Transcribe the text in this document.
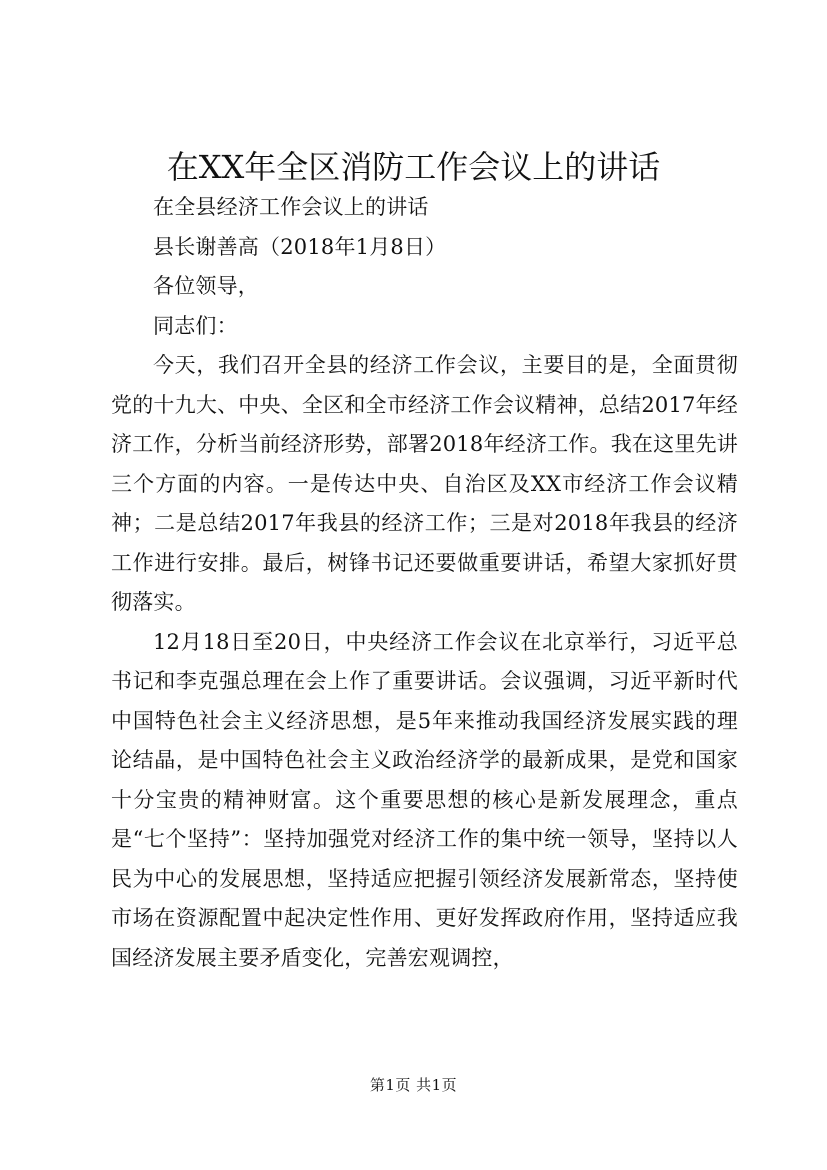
在XX年全区消防工作会议上的讲话

在全县经济工作会议上的讲话

县长谢善高（2018年1月8日）

各位领导，

同志们：

今天，我们召开全县的经济工作会议，主要目的是，全面贯彻党的十九大、中央、全区和全市经济工作会议精神，总结2017年经济工作，分析当前经济形势，部署2018年经济工作。我在这里先讲三个方面的内容。一是传达中央、自治区及XX市经济工作会议精神；二是总结2017年我县的经济工作；三是对2018年我县的经济工作进行安排。最后，树锋书记还要做重要讲话，希望大家抓好贯彻落实。

12月18日至20日，中央经济工作会议在北京举行，习近平总书记和李克强总理在会上作了重要讲话。会议强调，习近平新时代中国特色社会主义经济思想，是5年来推动我国经济发展实践的理论结晶，是中国特色社会主义政治经济学的最新成果，是党和国家十分宝贵的精神财富。这个重要思想的核心是新发展理念，重点是“七个坚持”：坚持加强党对经济工作的集中统一领导，坚持以人民为中心的发展思想，坚持适应把握引领经济发展新常态，坚持使市场在资源配置中起决定性作用、更好发挥政府作用，坚持适应我国经济发展主要矛盾变化，完善宏观调控，

第1页 共1页
